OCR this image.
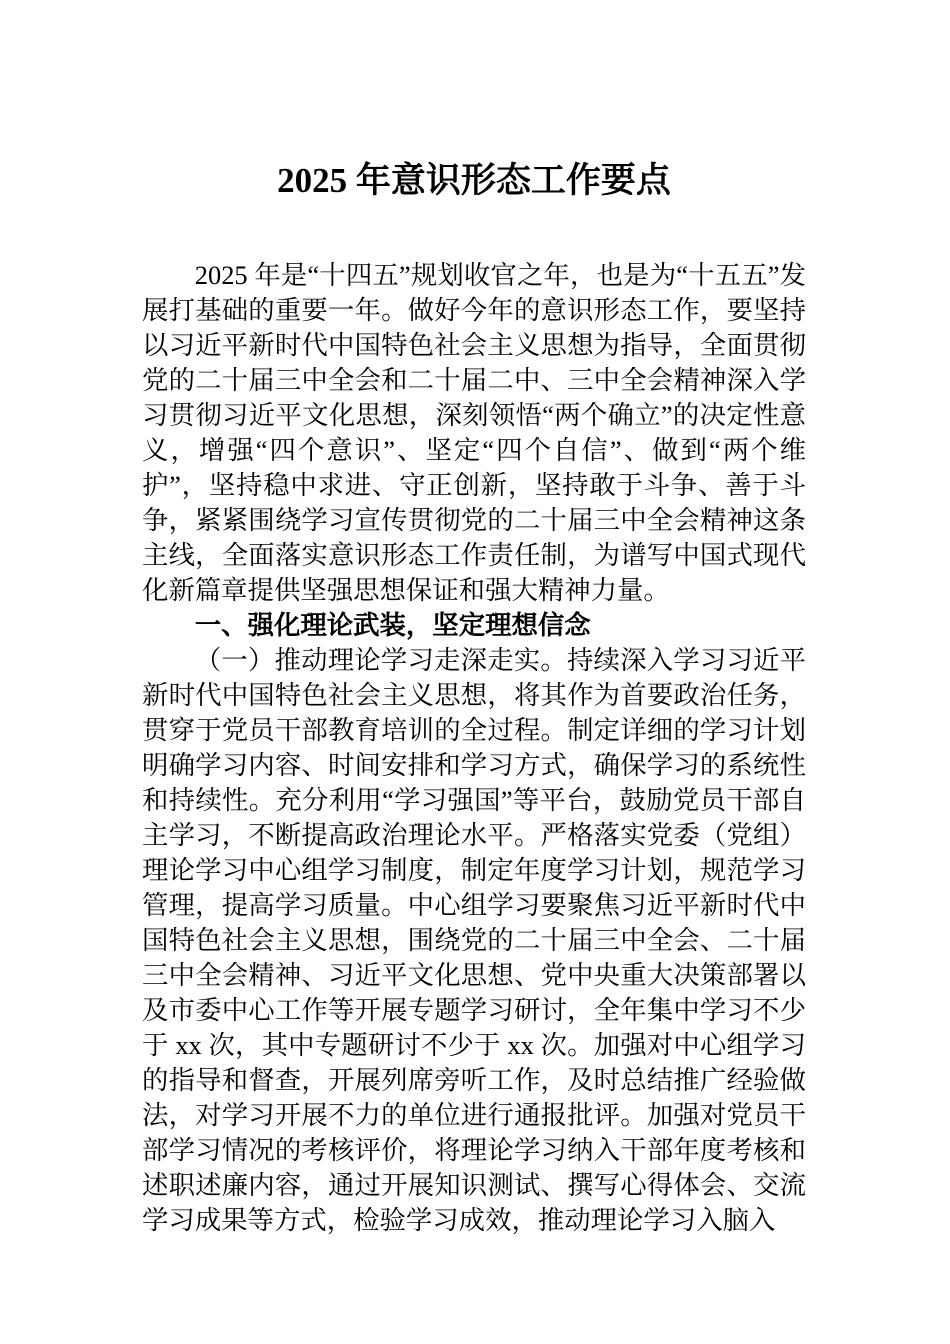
2025 年意识形态工作要点

2025 年是“十四五”规划收官之年，也是为“十五五”发展打基础的重要一年。做好今年的意识形态工作，要坚持以习近平新时代中国特色社会主义思想为指导，全面贯彻党的二十届三中全会和二十届二中、三中全会精神深入学习贯彻习近平文化思想，深刻领悟“两个确立”的决定性意义，增强“四个意识”、坚定“四个自信”、做到“两个维护”，坚持稳中求进、守正创新，坚持敢于斗争、善于斗争，紧紧围绕学习宣传贯彻党的二十届三中全会精神这条主线，全面落实意识形态工作责任制，为谱写中国式现代化新篇章提供坚强思想保证和强大精神力量。

一、强化理论武装，坚定理想信念

（一）推动理论学习走深走实。持续深入学习习近平新时代中国特色社会主义思想，将其作为首要政治任务，贯穿于党员干部教育培训的全过程。制定详细的学习计划明确学习内容、时间安排和学习方式，确保学习的系统性和持续性。充分利用“学习强国”等平台，鼓励党员干部自主学习，不断提高政治理论水平。严格落实党委（党组）理论学习中心组学习制度，制定年度学习计划，规范学习管理，提高学习质量。中心组学习要聚焦习近平新时代中国特色社会主义思想，围绕党的二十届三中全会、二十届三中全会精神、习近平文化思想、党中央重大决策部署以及市委中心工作等开展专题学习研讨，全年集中学习不少于 xx 次，其中专题研讨不少于 xx 次。加强对中心组学习的指导和督查，开展列席旁听工作，及时总结推广经验做法，对学习开展不力的单位进行通报批评。加强对党员干部学习情况的考核评价，将理论学习纳入干部年度考核和述职述廉内容，通过开展知识测试、撰写心得体会、交流学习成果等方式，检验学习成效，推动理论学习入脑入
